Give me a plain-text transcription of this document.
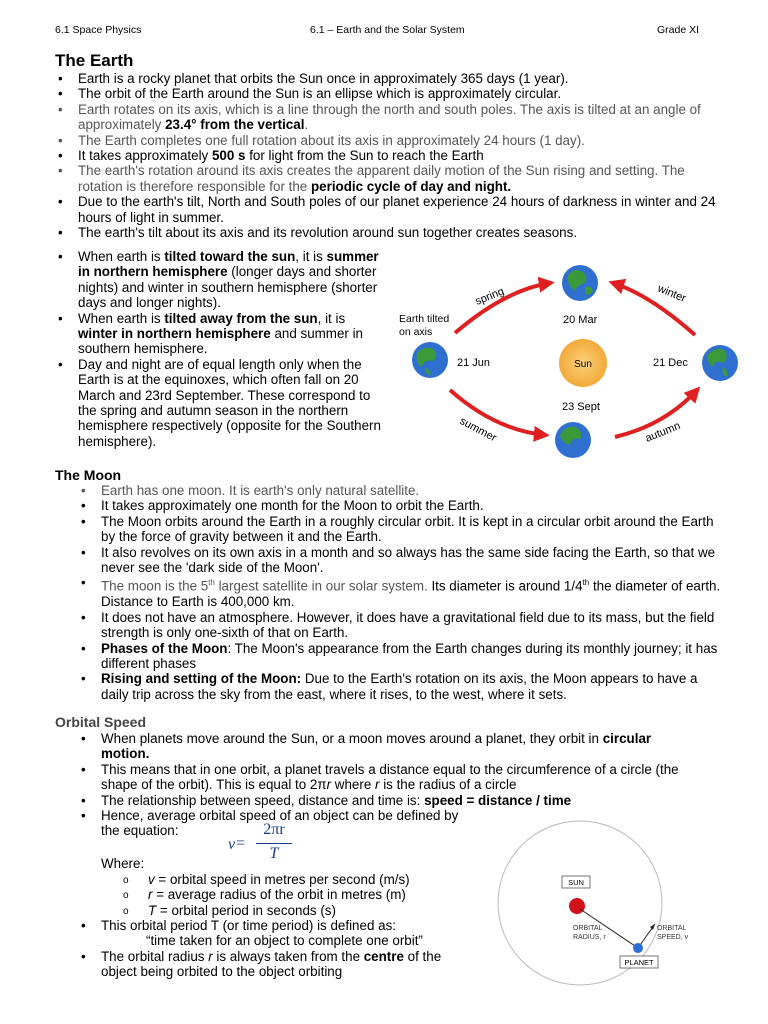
6.1 Space Physics	6.1 – Earth and the Solar System	Grade XI
The Earth
• Earth is a rocky planet that orbits the Sun once in approximately 365 days (1 year).
• The orbit of the Earth around the Sun is an ellipse which is approximately circular.
• Earth rotates on its axis, which is a line through the north and south poles. The axis is tilted at an angle of approximately 23.4° from the vertical.
• The Earth completes one full rotation about its axis in approximately 24 hours (1 day).
• It takes approximately 500 s for light from the Sun to reach the Earth
• The earth's rotation around its axis creates the apparent daily motion of the Sun rising and setting. The rotation is therefore responsible for the periodic cycle of day and night.
• Due to the earth's tilt, North and South poles of our planet experience 24 hours of darkness in winter and 24 hours of light in summer.
• The earth's tilt about its axis and its revolution around sun together creates seasons.
• When earth is tilted toward the sun, it is summer in northern hemisphere (longer days and shorter nights) and winter in southern hemisphere (shorter days and longer nights).
• When earth is tilted away from the sun, it is winter in northern hemisphere and summer in southern hemisphere.
• Day and night are of equal length only when the Earth is at the equinoxes, which often fall on 20 March and 23rd September. These correspond to the spring and autumn season in the northern hemisphere respectively (opposite for the Southern hemisphere).
Sun
20 Mar
21 Jun	21 Dec
23 Sept
spring	winter
summer	autumn
Earth tilted
on axis
The Moon
• Earth has one moon. It is earth's only natural satellite.
• It takes approximately one month for the Moon to orbit the Earth.
• The Moon orbits around the Earth in a roughly circular orbit. It is kept in a circular orbit around the Earth by the force of gravity between it and the Earth.
• It also revolves on its own axis in a month and so always has the same side facing the Earth, so that we never see the 'dark side of the Moon'.
• The moon is the 5th largest satellite in our solar system. Its diameter is around 1/4th the diameter of earth. Distance to Earth is 400,000 km.
• It does not have an atmosphere. However, it does have a gravitational field due to its mass, but the field strength is only one-sixth of that on Earth.
• Phases of the Moon: The Moon's appearance from the Earth changes during its monthly journey; it has different phases
• Rising and setting of the Moon: Due to the Earth's rotation on its axis, the Moon appears to have a daily trip across the sky from the east, where it rises, to the west, where it sets.
Orbital Speed
• When planets move around the Sun, or a moon moves around a planet, they orbit in circular motion.
• This means that in one orbit, a planet travels a distance equal to the circumference of a circle (the shape of the orbit). This is equal to 2πr where r is the radius of a circle
• The relationship between speed, distance and time is: speed = distance / time
• Hence, average orbital speed of an object can be defined by
the equation:
v =
2πr
T
Where:
o v = orbital speed in metres per second (m/s)
o r = average radius of the orbit in metres (m)
o T = orbital period in seconds (s)
• This orbital period T (or time period) is defined as:
“time taken for an object to complete one orbit”
• The orbital radius r is always taken from the centre of the object being orbited to the object orbiting
SUN
PLANET
ORBITAL
RADIUS, r
ORBITAL
SPEED, v
